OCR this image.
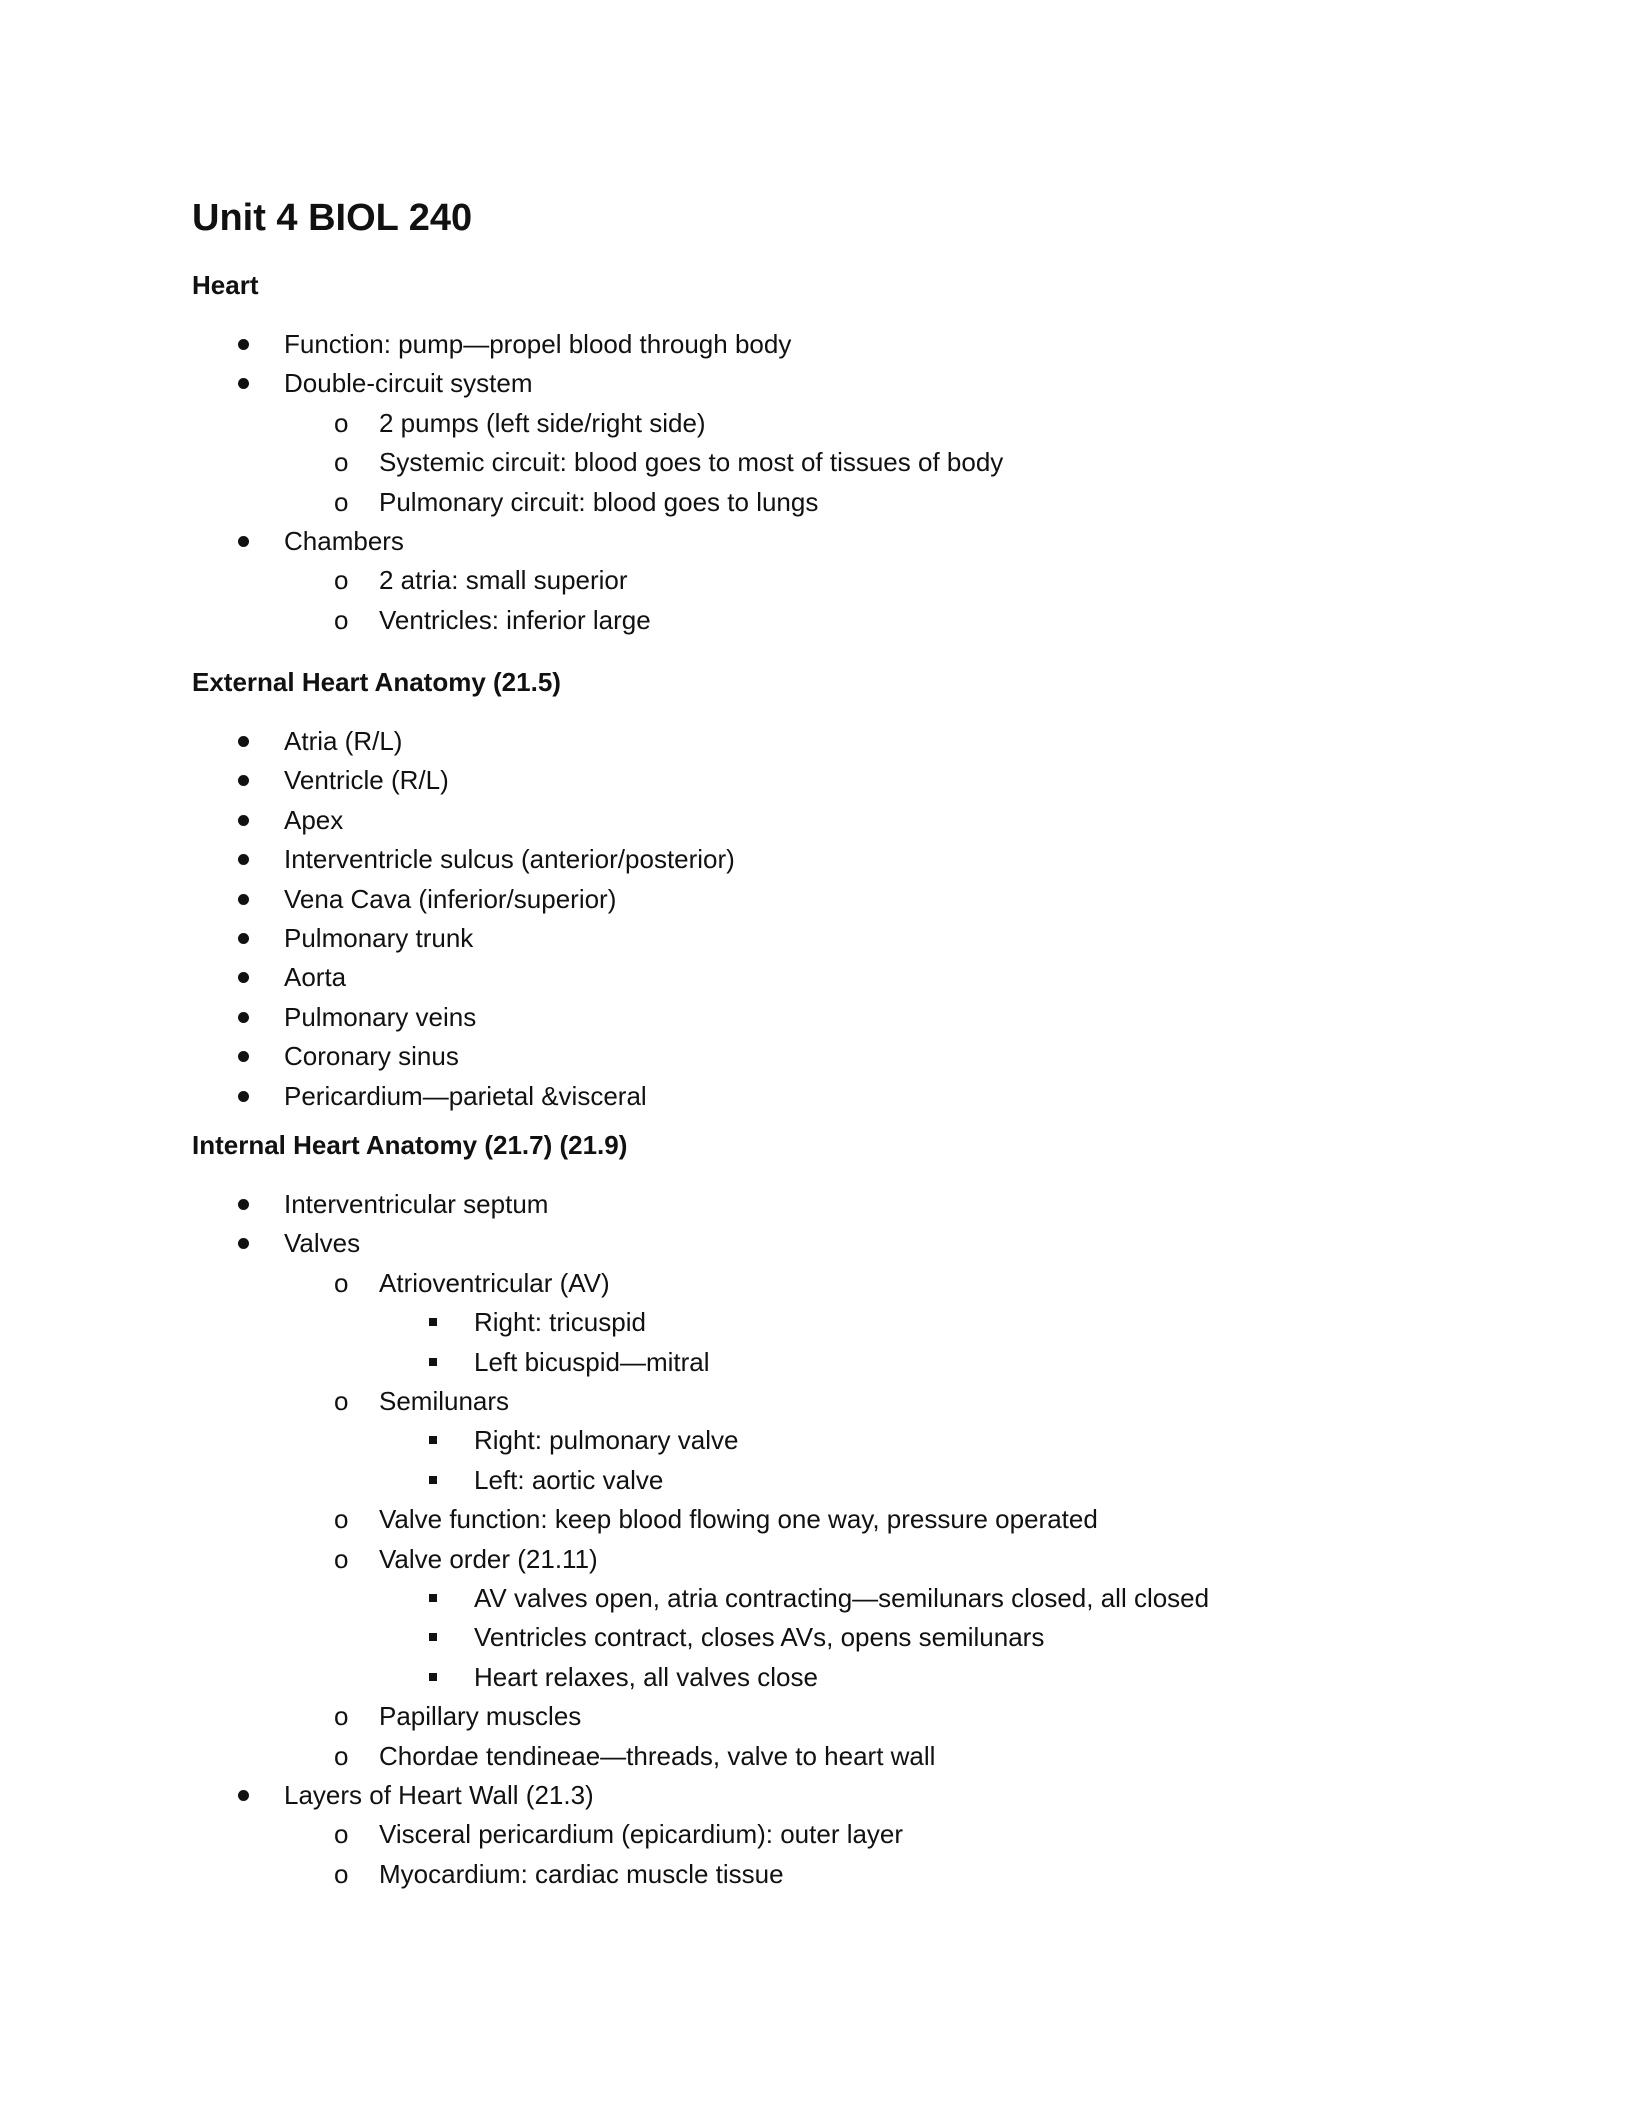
Unit 4 BIOL 240
Heart

Function: pump—propel blood through body

Double-circuit system

o 2 pumps (left side/right side)

o Systemic circuit: blood goes to most of tissues of body

o Pulmonary circuit: blood goes to lungs

Chambers

o 2 atria: small superior

o Ventricles: inferior large

External Heart Anatomy (21.5)

Atria (R/L)

Ventricle (R/L)

Apex

Interventricle sulcus (anterior/posterior)

Vena Cava (inferior/superior)

Pulmonary trunk

Aorta

Pulmonary veins

Coronary sinus

Pericardium—parietal &visceral

Internal Heart Anatomy (21.7) (21.9)

Interventricular septum

Valves

o Atrioventricular (AV)

Right: tricuspid

Left bicuspid—mitral

o Semilunars

Right: pulmonary valve

Left: aortic valve

o Valve function: keep blood flowing one way, pressure operated

o Valve order (21.11)

AV valves open, atria contracting—semilunars closed, all closed

Ventricles contract, closes AVs, opens semilunars

Heart relaxes, all valves close

o Papillary muscles

o Chordae tendineae—threads, valve to heart wall

Layers of Heart Wall (21.3)

o Visceral pericardium (epicardium): outer layer

o Myocardium: cardiac muscle tissue
